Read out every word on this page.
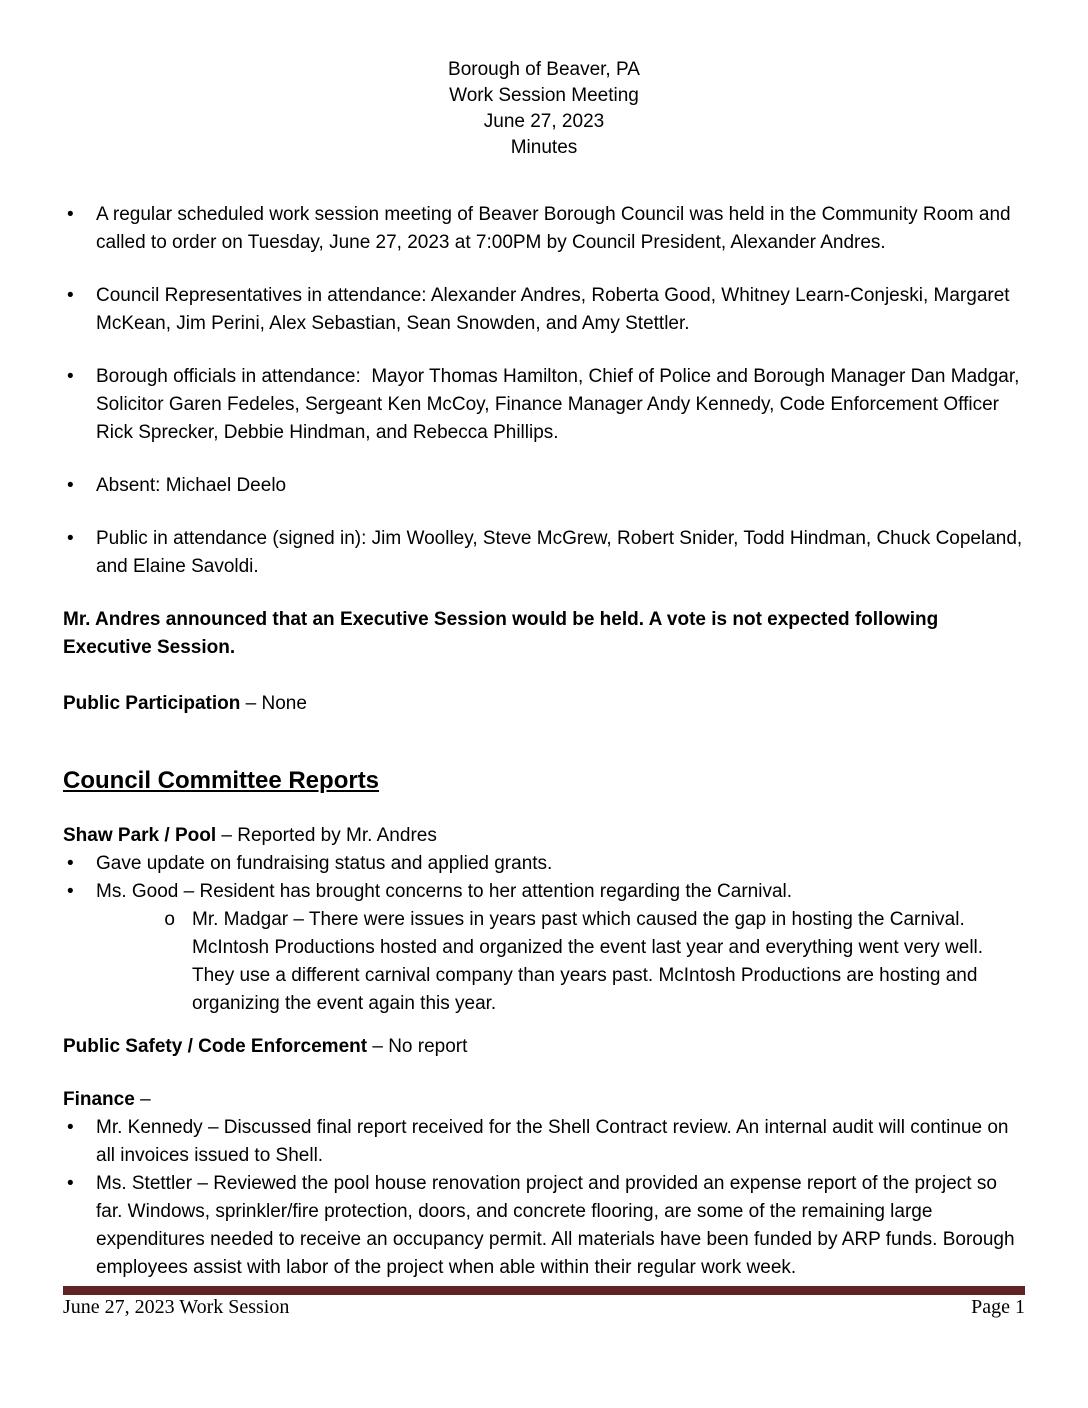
Borough of Beaver, PA
Work Session Meeting
June 27, 2023
Minutes
•	A regular scheduled work session meeting of Beaver Borough Council was held in the Community Room and called to order on Tuesday, June 27, 2023 at 7:00PM by Council President, Alexander Andres.
•	Council Representatives in attendance: Alexander Andres, Roberta Good, Whitney Learn-Conjeski, Margaret McKean, Jim Perini, Alex Sebastian, Sean Snowden, and Amy Stettler.
•	Borough officials in attendance:  Mayor Thomas Hamilton, Chief of Police and Borough Manager Dan Madgar, Solicitor Garen Fedeles, Sergeant Ken McCoy, Finance Manager Andy Kennedy, Code Enforcement Officer Rick Sprecker, Debbie Hindman, and Rebecca Phillips.
•	Absent: Michael Deelo
•	Public in attendance (signed in): Jim Woolley, Steve McGrew, Robert Snider, Todd Hindman, Chuck Copeland, and Elaine Savoldi.
Mr. Andres announced that an Executive Session would be held. A vote is not expected following Executive Session.
Public Participation – None
Council Committee Reports
Shaw Park / Pool – Reported by Mr. Andres
•	Gave update on fundraising status and applied grants.
•	Ms. Good – Resident has brought concerns to her attention regarding the Carnival.
o Mr. Madgar – There were issues in years past which caused the gap in hosting the Carnival. McIntosh Productions hosted and organized the event last year and everything went very well. They use a different carnival company than years past. McIntosh Productions are hosting and organizing the event again this year.
Public Safety / Code Enforcement – No report
Finance –
•	Mr. Kennedy – Discussed final report received for the Shell Contract review. An internal audit will continue on all invoices issued to Shell.
•	Ms. Stettler – Reviewed the pool house renovation project and provided an expense report of the project so far. Windows, sprinkler/fire protection, doors, and concrete flooring, are some of the remaining large expenditures needed to receive an occupancy permit. All materials have been funded by ARP funds. Borough employees assist with labor of the project when able within their regular work week.
June 27, 2023 Work Session	Page 1
